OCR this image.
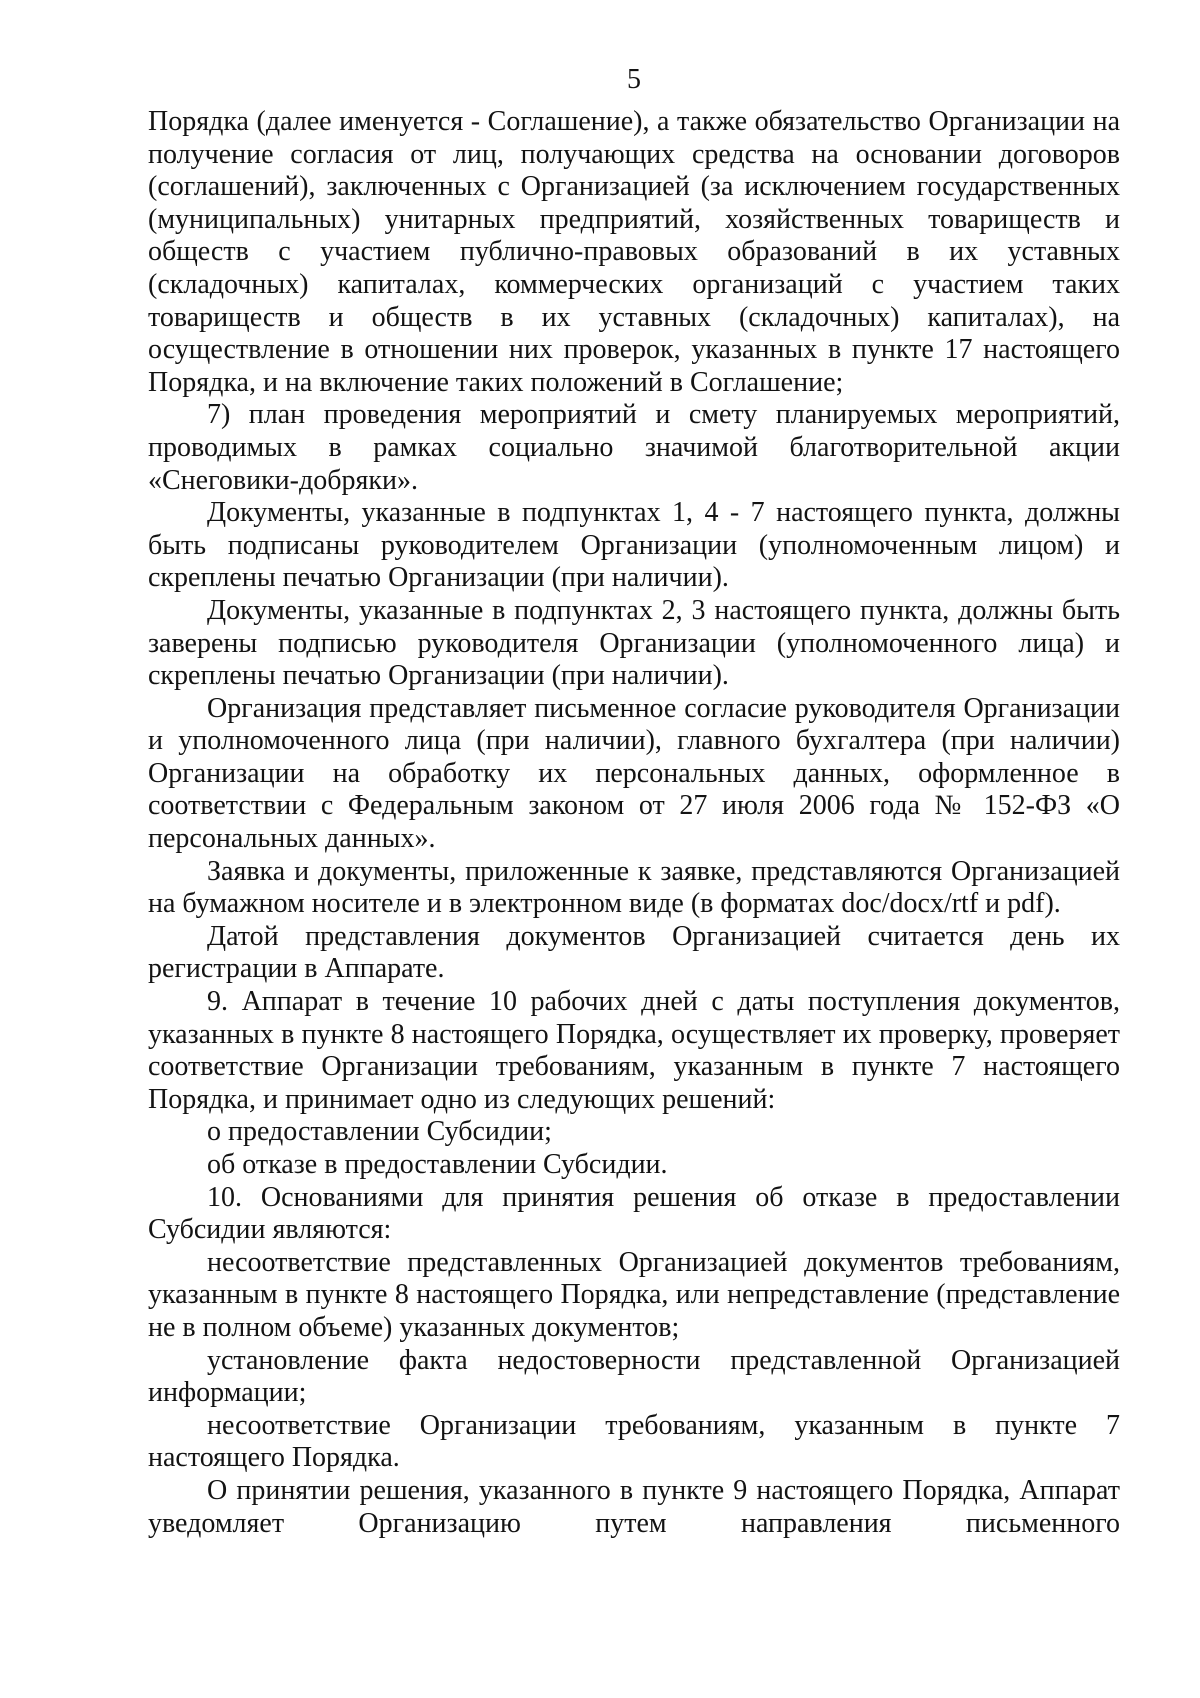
5

Порядка (далее именуется - Соглашение), а также обязательство Организации на получение согласия от лиц, получающих средства на основании договоров (соглашений), заключенных с Организацией (за исключением государственных (муниципальных) унитарных предприятий, хозяйственных товариществ и обществ с участием публично-правовых образований в их уставных (складочных) капиталах, коммерческих организаций с участием таких товариществ и обществ в их уставных (складочных) капиталах), на осуществление в отношении них проверок, указанных в пункте 17 настоящего Порядка, и на включение таких положений в Соглашение;

7) план проведения мероприятий и смету планируемых мероприятий, проводимых в рамках социально значимой благотворительной акции «Снеговики-добряки».

Документы, указанные в подпунктах 1, 4 - 7 настоящего пункта, должны быть подписаны руководителем Организации (уполномоченным лицом) и скреплены печатью Организации (при наличии).

Документы, указанные в подпунктах 2, 3 настоящего пункта, должны быть заверены подписью руководителя Организации (уполномоченного лица) и скреплены печатью Организации (при наличии).

Организация представляет письменное согласие руководителя Организации и уполномоченного лица (при наличии), главного бухгалтера (при наличии) Организации на обработку их персональных данных, оформленное в соответствии с Федеральным законом от 27 июля 2006 года № 152-ФЗ «О персональных данных».

Заявка и документы, приложенные к заявке, представляются Организацией на бумажном носителе и в электронном виде (в форматах doc/docx/rtf и pdf).

Датой представления документов Организацией считается день их регистрации в Аппарате.

9. Аппарат в течение 10 рабочих дней с даты поступления документов, указанных в пункте 8 настоящего Порядка, осуществляет их проверку, проверяет соответствие Организации требованиям, указанным в пункте 7 настоящего Порядка, и принимает одно из следующих решений:

о предоставлении Субсидии;

об отказе в предоставлении Субсидии.

10. Основаниями для принятия решения об отказе в предоставлении Субсидии являются:

несоответствие представленных Организацией документов требованиям, указанным в пункте 8 настоящего Порядка, или непредставление (представление не в полном объеме) указанных документов;

установление факта недостоверности представленной Организацией информации;

несоответствие Организации требованиям, указанным в пункте 7 настоящего Порядка.

О принятии решения, указанного в пункте 9 настоящего Порядка, Аппарат уведомляет Организацию путем направления письменного
